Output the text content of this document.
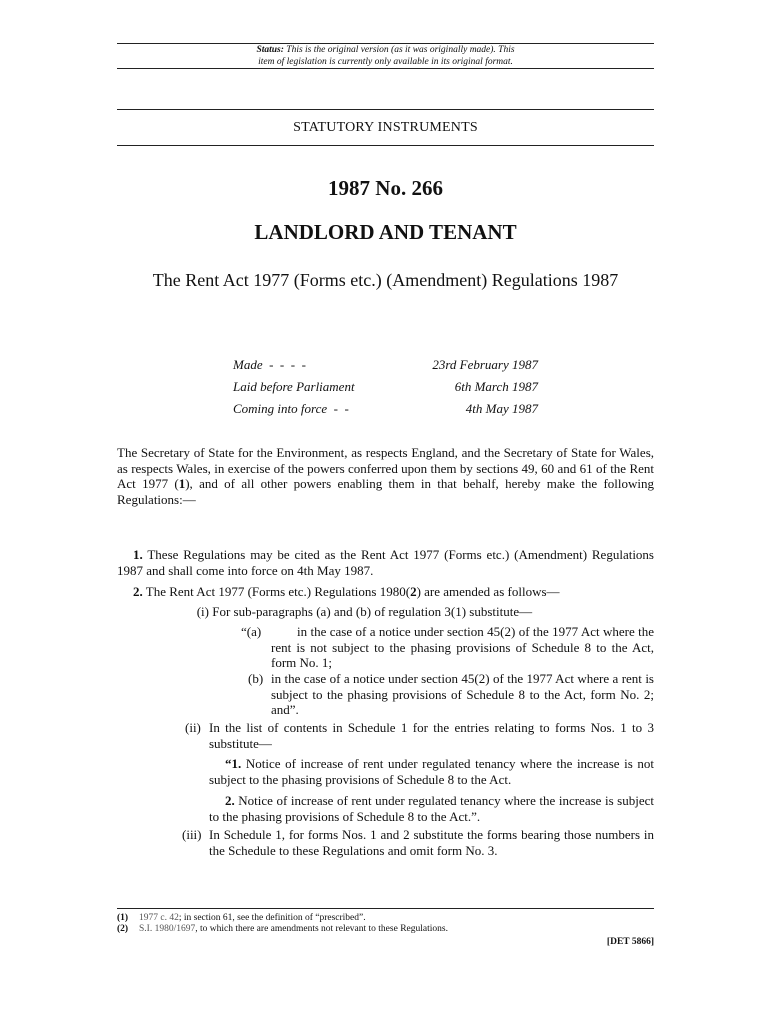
Status: This is the original version (as it was originally made). This
item of legislation is currently only available in its original format.
STATUTORY INSTRUMENTS
1987 No. 266
LANDLORD AND TENANT
The Rent Act 1977 (Forms etc.) (Amendment) Regulations 1987
Made  -  -  -  -	23rd February 1987
Laid before Parliament	6th March 1987
Coming into force  -  -	4th May 1987
The Secretary of State for the Environment, as respects England, and the Secretary of State for Wales, as respects Wales, in exercise of the powers conferred upon them by sections 49, 60 and 61 of the Rent Act 1977 (1), and of all other powers enabling them in that behalf, hereby make the following Regulations:—
1. These Regulations may be cited as the Rent Act 1977 (Forms etc.) (Amendment) Regulations 1987 and shall come into force on 4th May 1987.
2. The Rent Act 1977 (Forms etc.) Regulations 1980(2) are amended as follows—
(i) For sub-paragraphs (a) and (b) of regulation 3(1) substitute—
“(a)	in the case of a notice under section 45(2) of the 1977 Act where the rent is not subject to the phasing provisions of Schedule 8 to the Act, form No. 1;
(b) in the case of a notice under section 45(2) of the 1977 Act where a rent is subject to the phasing provisions of Schedule 8 to the Act, form No. 2; and”.
(ii) In the list of contents in Schedule 1 for the entries relating to forms Nos. 1 to 3 substitute—
“1. Notice of increase of rent under regulated tenancy where the increase is not subject to the phasing provisions of Schedule 8 to the Act.
2. Notice of increase of rent under regulated tenancy where the increase is subject to the phasing provisions of Schedule 8 to the Act.”.
(iii) In Schedule 1, for forms Nos. 1 and 2 substitute the forms bearing those numbers in the Schedule to these Regulations and omit form No. 3.
(1) 1977 c. 42; in section 61, see the definition of “prescribed”.
(2) S.I. 1980/1697, to which there are amendments not relevant to these Regulations.
[DET 5866]
